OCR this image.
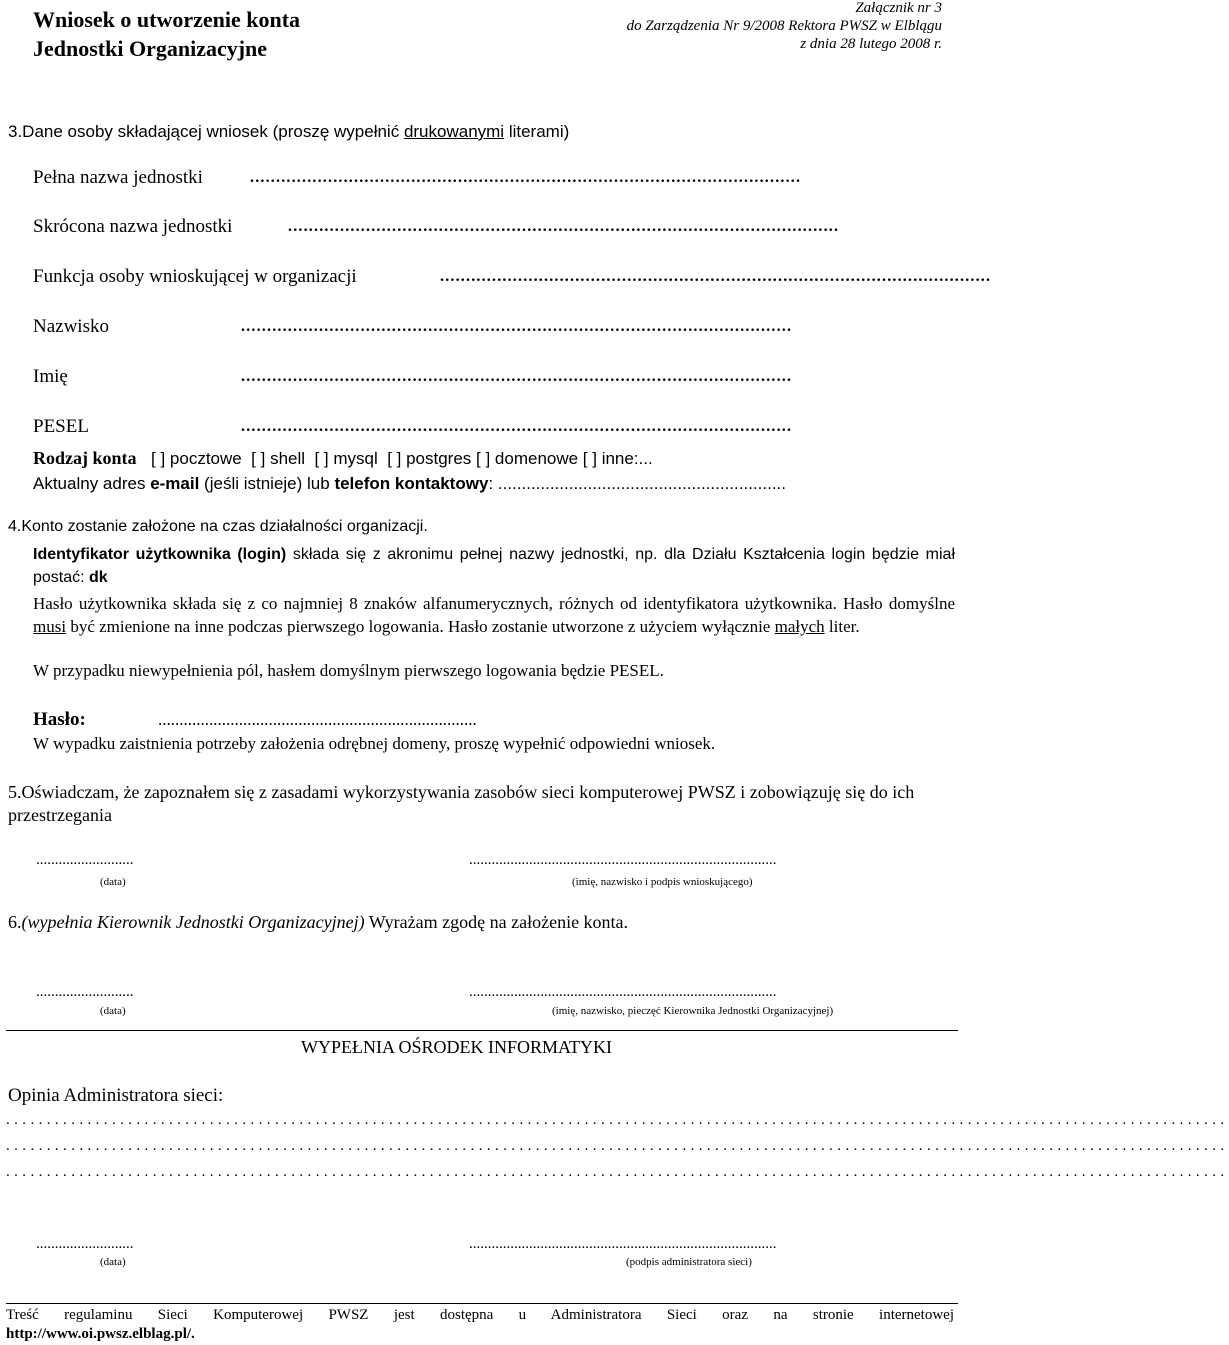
Wniosek o utworzenie konta
Jednostki Organizacyjne
Załącznik nr 3
do Zarządzenia Nr 9/2008 Rektora PWSZ w Elblągu
z dnia 28 lutego 2008 r.
3.Dane osoby składającej wniosek (proszę wypełnić drukowanymi literami)
Pełna nazwa jednostki	..........................................................................................................
Skrócona nazwa jednostki	..........................................................................................................
Funkcja osoby wnioskującej w organizacji	..........................................................................................................
Nazwisko	..........................................................................................................
Imię	..........................................................................................................
PESEL	..........................................................................................................
Rodzaj konta [ ] pocztowe  [ ] shell  [ ] mysql  [ ] postgres [ ] domenowe [ ] inne:...
Aktualny adres e-mail (jeśli istnieje) lub telefon kontaktowy: .............................................................
4.Konto zostanie założone na czas działalności organizacji.
Identyfikator użytkownika (login) składa się z akronimu pełnej nazwy jednostki, np. dla Działu Kształcenia login będzie miał postać: dk
Hasło użytkownika składa się z co najmniej 8 znaków alfanumerycznych, różnych od identyfikatora użytkownika. Hasło domyślne musi być zmienione na inne podczas pierwszego logowania. Hasło zostanie utworzone z użyciem wyłącznie małych liter.
W przypadku niewypełnienia pól, hasłem domyślnym pierwszego logowania będzie PESEL.
Hasło:	...........................................................................
W wypadku zaistnienia potrzeby założenia odrębnej domeny, proszę wypełnić odpowiedni wniosek.
5.Oświadczam, że zapoznałem się z zasadami wykorzystywania zasobów sieci komputerowej PWSZ i zobowiązuję się do ich przestrzegania
..........................
(data)
..................................................................................
(imię, nazwisko i podpis wnioskującego)
6.(wypełnia Kierownik Jednostki Organizacyjnej) Wyrażam zgodę na założenie konta.
..........................
(data)
..................................................................................
(imię, nazwisko, pieczęć Kierownika Jednostki Organizacyjnej)
WYPEŁNIA OŚRODEK INFORMATYKI
Opinia Administratora sieci:
......................................................................................................................................................
......................................................................................................................................................
......................................................................................................................................................
..........................
(data)
..................................................................................
(podpis administratora sieci)
Treść regulaminu Sieci Komputerowej PWSZ jest dostępna u Administratora Sieci oraz na stronie internetowej
http://www.oi.pwsz.elblag.pl/.
